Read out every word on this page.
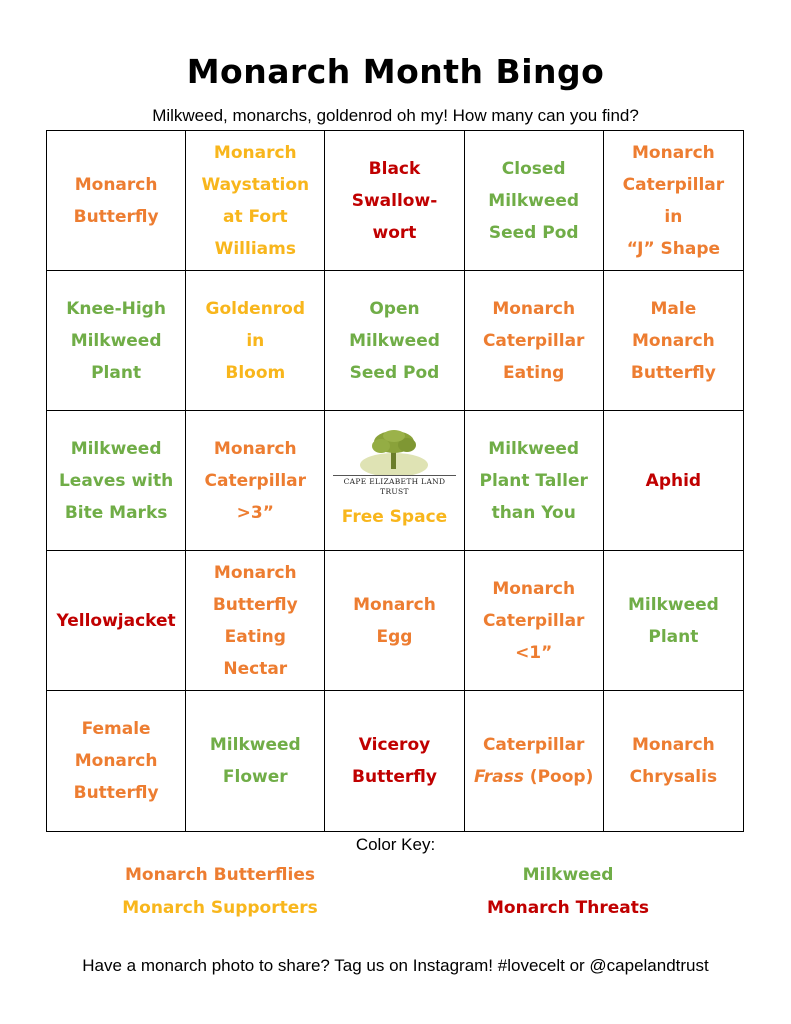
Monarch Month Bingo
Milkweed, monarchs, goldenrod oh my! How many can you find?
Monarch
Butterfly
Monarch
Waystation
at Fort
Williams
Black
Swallow-wort
Closed
Milkweed
Seed Pod
Monarch
Caterpillar in
“J” Shape
Knee-High
Milkweed
Plant
Goldenrod in
Bloom
Open
Milkweed
Seed Pod
Monarch
Caterpillar
Eating
Male
Monarch
Butterfly
Milkweed
Leaves with
Bite Marks
Monarch
Caterpillar
>3”
CAPE ELIZABETH LAND TRUST
Free Space
Milkweed
Plant Taller
than You
Aphid
Yellowjacket
Monarch
Butterfly
Eating
Nectar
Monarch Egg
Monarch
Caterpillar
<1”
Milkweed
Plant
Female
Monarch
Butterfly
Milkweed
Flower
Viceroy
Butterfly
Caterpillar
Frass (Poop)
Monarch
Chrysalis
Color Key:
Monarch Butterflies	Milkweed
Monarch Supporters	Monarch Threats
Have a monarch photo to share? Tag us on Instagram! #lovecelt or @capelandtrust
